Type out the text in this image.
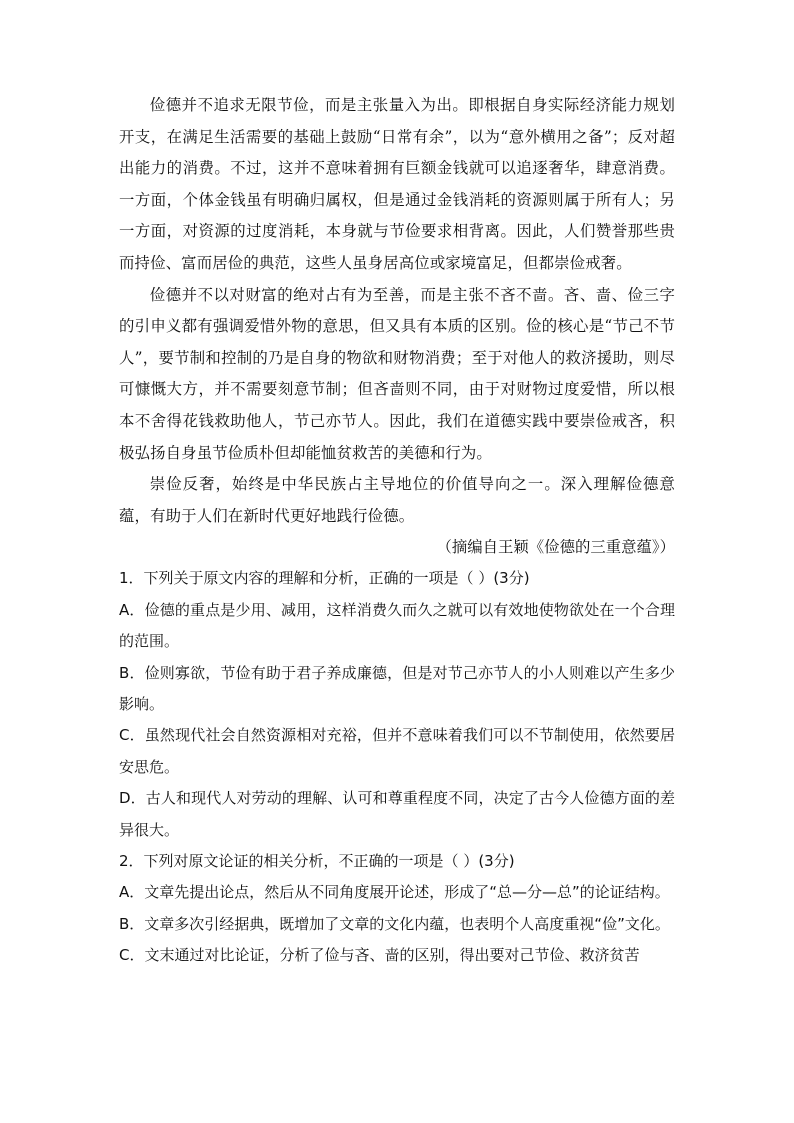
俭德并不追求无限节俭，而是主张量入为出。即根据自身实际经济能力规划开支，在满足生活需要的基础上鼓励“日常有余”，以为“意外横用之备”；反对超出能力的消费。不过，这并不意味着拥有巨额金钱就可以追逐奢华，肆意消费。一方面，个体金钱虽有明确归属权，但是通过金钱消耗的资源则属于所有人；另一方面，对资源的过度消耗，本身就与节俭要求相背离。因此，人们赞誉那些贵而持俭、富而居俭的典范，这些人虽身居高位或家境富足，但都崇俭戒奢。

俭德并不以对财富的绝对占有为至善，而是主张不吝不啬。吝、啬、俭三字的引申义都有强调爱惜外物的意思，但又具有本质的区别。俭的核心是“节己不节人”，要节制和控制的乃是自身的物欲和财物消费；至于对他人的救济援助，则尽可慷慨大方，并不需要刻意节制；但吝啬则不同，由于对财物过度爱惜，所以根本不舍得花钱救助他人，节己亦节人。因此，我们在道德实践中要崇俭戒吝，积极弘扬自身虽节俭质朴但却能恤贫救苦的美德和行为。

崇俭反奢，始终是中华民族占主导地位的价值导向之一。深入理解俭德意蕴，有助于人们在新时代更好地践行俭德。

（摘编自王颖《俭德的三重意蕴》）

1．下列关于原文内容的理解和分析，正确的一项是（ ）(3分)

A．俭德的重点是少用、减用，这样消费久而久之就可以有效地使物欲处在一个合理的范围。

B．俭则寡欲，节俭有助于君子养成廉德，但是对节己亦节人的小人则难以产生多少影响。

C．虽然现代社会自然资源相对充裕，但并不意味着我们可以不节制使用，依然要居安思危。

D．古人和现代人对劳动的理解、认可和尊重程度不同，决定了古今人俭德方面的差异很大。

2．下列对原文论证的相关分析，不正确的一项是（ ）(3分)

A．文章先提出论点，然后从不同角度展开论述，形成了“总—分—总”的论证结构。

B．文章多次引经据典，既增加了文章的文化内蕴，也表明个人高度重视“俭”文化。

C．文末通过对比论证，分析了俭与吝、啬的区别，得出要对己节俭、救济贫苦
